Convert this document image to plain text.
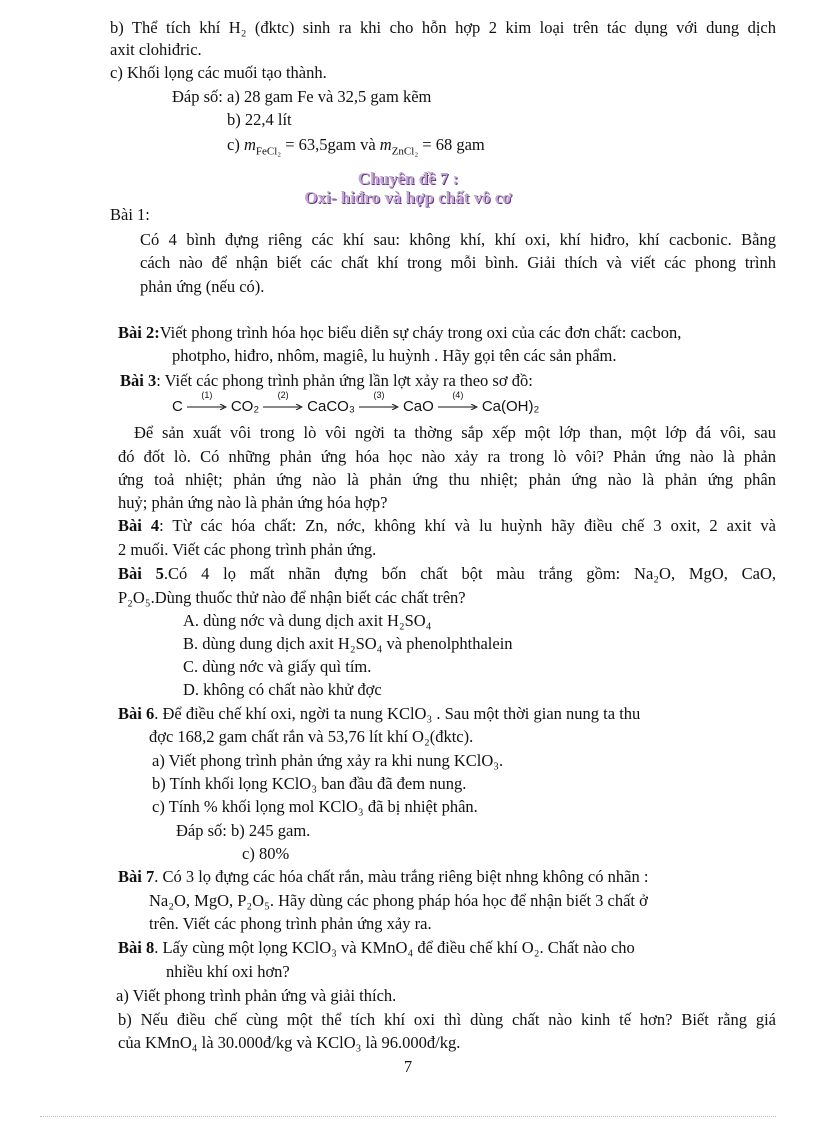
b) Thể tích khí H₂ (đktc) sinh ra khi cho hỗn hợp 2 kim loại trên tác dụng với dung dịch
axit clohiđric.
c) Khối lọng các muối tạo thành.
Đáp số: a) 28 gam Fe và 32,5 gam kẽm
b) 22,4 lít
c) $m_{FeCl_2} = 63,5gam$ và $m_{ZnCl_2} = 68$ gam
Chuyên đề 7 :
Oxi- hiđro và hợp chất vô cơ
Bài 1:
Có 4 bình đựng riêng các khí sau: không khí, khí oxi, khí hiđro, khí cacbonic. Bằng
cách nào để nhận biết các chất khí trong mỗi bình. Giải thích và viết các phong trình
phản ứng (nếu có).
Bài 2:Viết phong trình hóa học biểu diễn sự cháy trong oxi của các đơn chất: cacbon,
photpho, hiđro, nhôm, magiê, lu huỳnh . Hãy gọi tên các sản phẩm.
Bài 3: Viết các phong trình phản ứng lần lợt xảy ra theo sơ đồ:
C
(1)
CO₂
(2)
CaCO₃
(3)
CaO
(4)
Ca(OH)₂
Để sản xuất vôi trong lò vôi ngời ta thờng sắp xếp một lớp than, một lớp đá vôi, sau
đó đốt lò. Có những phản ứng hóa học nào xảy ra trong lò vôi? Phản ứng nào là phản
ứng toả nhiệt; phản ứng nào là phản ứng thu nhiệt; phản ứng nào là phản ứng phân
huỷ; phản ứng nào là phản ứng hóa hợp?
Bài 4: Từ các hóa chất: Zn, nớc, không khí và lu huỳnh hãy điều chế 3 oxit, 2 axit và
2 muối. Viết các phong trình phản ứng.
Bài 5.Có 4 lọ mất nhãn đựng bốn chất bột màu trắng gồm: Na₂O, MgO, CaO,
P₂O₅.Dùng thuốc thử nào để nhận biết các chất trên?
A. dùng nớc và dung dịch axit H₂SO₄
B. dùng dung dịch axit H₂SO₄ và phenolphthalein
C. dùng nớc và giấy quì tím.
D. không có chất nào khử đợc
Bài 6. Để điều chế khí oxi, ngời ta nung KClO₃ . Sau một thời gian nung ta thu
đợc 168,2 gam chất rắn và 53,76 lít khí O₂(đktc).
a) Viết phong trình phản ứng xảy ra khi nung KClO₃.
b) Tính khối lọng KClO₃ ban đầu đã đem nung.
c) Tính % khối lọng mol KClO₃ đã bị nhiệt phân.
Đáp số: b) 245 gam.
c) 80%
Bài 7. Có 3 lọ đựng các hóa chất rắn, màu trắng riêng biệt nhng không có nhãn :
Na₂O, MgO, P₂O₅. Hãy dùng các phong pháp hóa học để nhận biết 3 chất ở
trên. Viết các phong trình phản ứng xảy ra.
Bài 8. Lấy cùng một lọng KClO₃ và KMnO₄ để điều chế khí O₂. Chất nào cho
nhiều khí oxi hơn?
a) Viết phong trình phản ứng và giải thích.
b) Nếu điều chế cùng một thể tích khí oxi thì dùng chất nào kinh tế hơn? Biết rằng giá
của KMnO₄ là 30.000đ/kg và KClO₃ là 96.000đ/kg.
7
